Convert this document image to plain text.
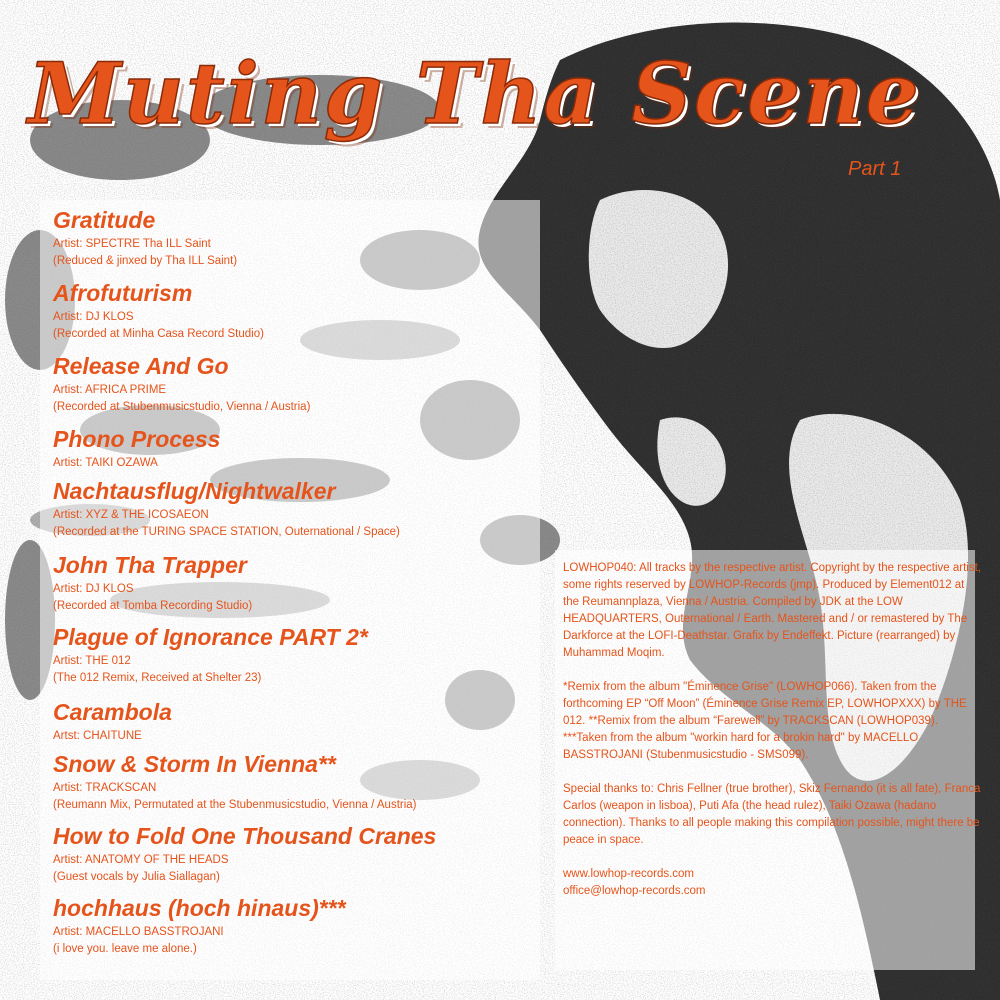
Muting Tha Scene
Part 1
Gratitude
Artist: SPECTRE Tha ILL Saint
(Reduced & jinxed by Tha ILL Saint)
Afrofuturism
Artist: DJ KLOS
(Recorded at Minha Casa Record Studio)
Release And Go
Artist: AFRICA PRIME
(Recorded at Stubenmusicstudio, Vienna / Austria)
Phono Process
Artist: TAIKI OZAWA
Nachtausflug/Nightwalker
Artist: XYZ & THE ICOSAEON
(Recorded at the TURING SPACE STATION, Outernational / Space)
John Tha Trapper
Artist: DJ KLOS
(Recorded at Tomba Recording Studio)
Plague of Ignorance PART 2*
Artist: THE 012
(The 012 Remix, Received at Shelter 23)
Carambola
Artst: CHAITUNE
Snow & Storm In Vienna**
Artist: TRACKSCAN
(Reumann Mix, Permutated at the Stubenmusicstudio, Vienna / Austria)
How to Fold One Thousand Cranes
Artist: ANATOMY OF THE HEADS
(Guest vocals by Julia Siallagan)
hochhaus (hoch hinaus)***
Artist: MACELLO BASSTROJANI
(i love you. leave me alone.)

LOWHOP040: All tracks by the respective artist. Copyright by the respective artist, some rights reserved by LOWHOP-Records (jmp). Produced by Element012 at the Reumannplaza, Vienna / Austria. Compiled by JDK at the LOW HEADQUARTERS, Outernational / Earth. Mastered and / or remastered by The Darkforce at the LOFI-Deathstar. Grafix by Endeffekt. Picture (rearranged) by Muhammad Moqim.

*Remix from the album "Éminence Grise" (LOWHOP066). Taken from the forthcoming EP “Off Moon” (Éminence Grise Remix EP, LOWHOPXXX) by THE 012. **Remix from the album “Farewell” by TRACKSCAN (LOWHOP039). ***Taken from the album "workin hard for a brokin hard" by MACELLO BASSTROJANI (Stubenmusicstudio - SMS099).

Special thanks to: Chris Fellner (true brother), Skiz Fernando (it is all fate), Franca Carlos (weapon in lisboa), Puti Afa (the head rulez), Taiki Ozawa (hadano connection). Thanks to all people making this compilation possible, might there be peace in space.

www.lowhop-records.com
office@lowhop-records.com
